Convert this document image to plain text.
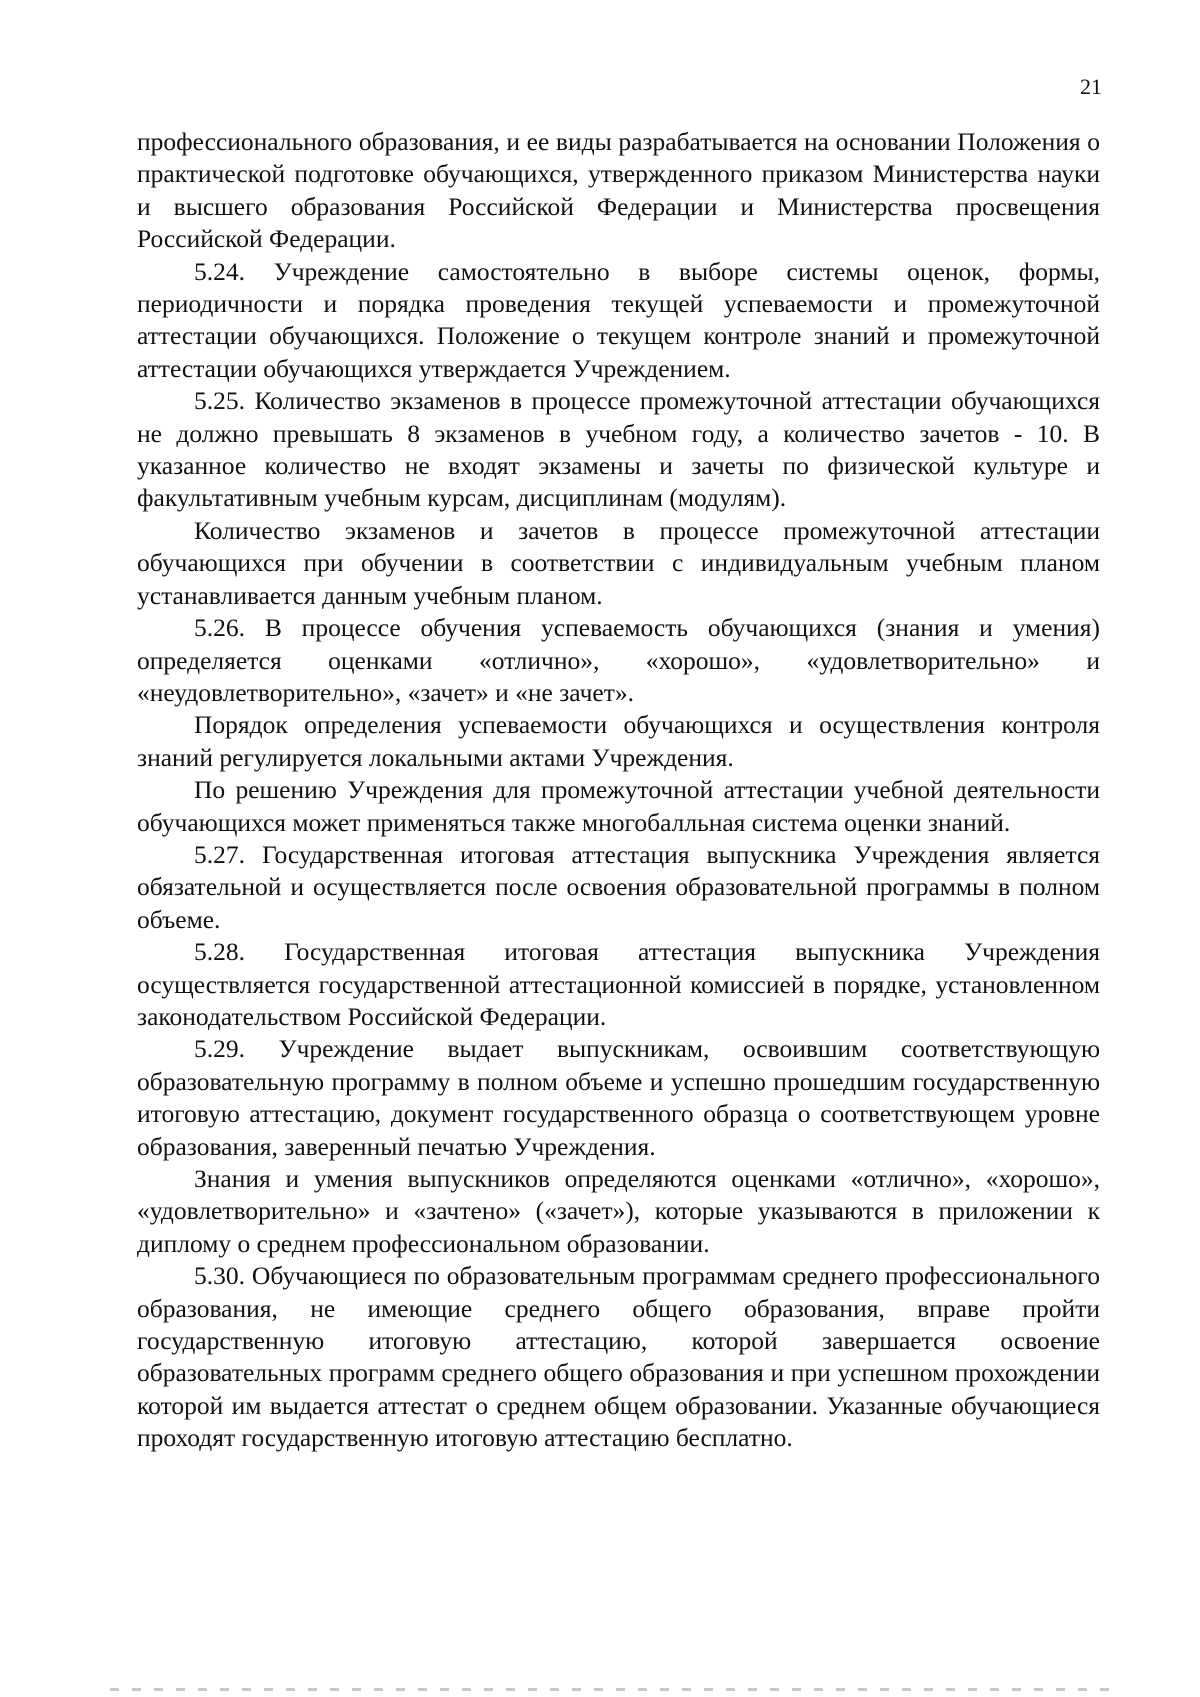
21

профессионального образования, и ее виды разрабатывается на основании Положения о практической подготовке обучающихся, утвержденного приказом Министерства науки и высшего образования Российской Федерации и Министерства просвещения Российской Федерации.

5.24. Учреждение самостоятельно в выборе системы оценок, формы, периодичности и порядка проведения текущей успеваемости и промежуточной аттестации обучающихся. Положение о текущем контроле знаний и промежуточной аттестации обучающихся утверждается Учреждением.

5.25. Количество экзаменов в процессе промежуточной аттестации обучающихся не должно превышать 8 экзаменов в учебном году, а количество зачетов - 10. В указанное количество не входят экзамены и зачеты по физической культуре и факультативным учебным курсам, дисциплинам (модулям).

Количество экзаменов и зачетов в процессе промежуточной аттестации обучающихся при обучении в соответствии с индивидуальным учебным планом устанавливается данным учебным планом.

5.26. В процессе обучения успеваемость обучающихся (знания и умения) определяется оценками «отлично», «хорошо», «удовлетворительно» и «неудовлетворительно», «зачет» и «не зачет».

Порядок определения успеваемости обучающихся и осуществления контроля знаний регулируется локальными актами Учреждения.

По решению Учреждения для промежуточной аттестации учебной деятельности обучающихся может применяться также многобалльная система оценки знаний.

5.27. Государственная итоговая аттестация выпускника Учреждения является обязательной и осуществляется после освоения образовательной программы в полном объеме.

5.28. Государственная итоговая аттестация выпускника Учреждения осуществляется государственной аттестационной комиссией в порядке, установленном законодательством Российской Федерации.

5.29. Учреждение выдает выпускникам, освоившим соответствующую образовательную программу в полном объеме и успешно прошедшим государственную итоговую аттестацию, документ государственного образца о соответствующем уровне образования, заверенный печатью Учреждения.

Знания и умения выпускников определяются оценками «отлично», «хорошо», «удовлетворительно» и «зачтено» («зачет»), которые указываются в приложении к диплому о среднем профессиональном образовании.

5.30. Обучающиеся по образовательным программам среднего профессионального образования, не имеющие среднего общего образования, вправе пройти государственную итоговую аттестацию, которой завершается освоение образовательных программ среднего общего образования и при успешном прохождении которой им выдается аттестат о среднем общем образовании. Указанные обучающиеся проходят государственную итоговую аттестацию бесплатно.
